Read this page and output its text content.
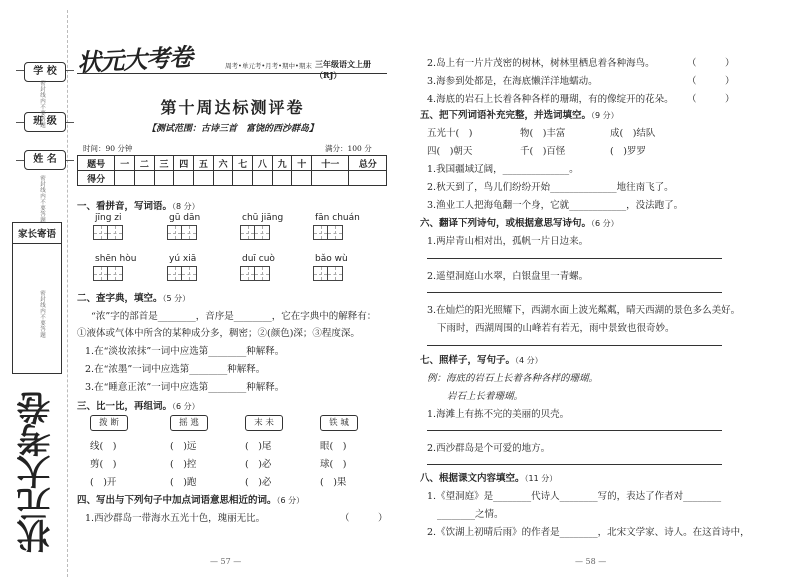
学 校
班 级
姓 名
密封线内不要答题
密封线内不要答题
密封线内不要答题
家长寄语
状元大考卷
状元大考卷	周考•单元考•月考•期中•期末 三年级语文上册（RJ）
第十周达标测评卷
【测试范围：古诗三首　富饶的西沙群岛】
时间：90 分钟	满分：100 分
题号	一	二	三	四	五	六	七	八	九	十	十一	总分
得分												
一、看拼音，写词语。（8 分）
jīng zi	gū dān	chū jiāng	fān chuán
shēn hòu	yú xiā	duī cuò	bǎo wù
二、查字典，填空。（5 分）
“浓”字的部首是________，音序是________，它在字典中的解释有：
①液体或气体中所含的某种成分多，稠密；②(颜色)深；③程度深。
1.在“淡妆浓抹”一词中应选第________种解释。
2.在“浓墨”一词中应选第________种解释。
3.在“睡意正浓”一词中应选第________种解释。
三、比一比，再组词。（6 分）
拨 断	摇 逃	末 未	铁 城
线(　)	(　)远	(　)尾	眼(　)
剪(　)	(　)控	(　)必	球(　)
(　)开	(　)跑	(　)必	(　)果
四、写出与下列句子中加点词语意思相近的词。（6 分）
1.西沙群岛一带海水五光十色，瑰丽无比。	（　　　）
— 57 —
2.岛上有一片片茂密的树林，树林里栖息着各种海鸟。	（　　　）
3.海参到处都是，在海底懒洋洋地蠕动。	（　　　）
4.海底的岩石上长着各种各样的珊瑚，有的像绽开的花朵。 （　　　）
五、把下列词语补充完整，并选词填空。（9 分）
五光十(　)	物(　)丰富	成(　)结队
四(　)朝天	千(　)百怪	(　)罗罗
1.我国疆域辽阔，______________。
2.秋天到了，鸟儿们纷纷开始______________地往南飞了。
3.渔业工人把海龟翻一个身，它就____________，没法跑了。
六、翻译下列诗句，或根据意思写诗句。（6 分）
1.两岸青山相对出，孤帆一片日边来。
2.遥望洞庭山水翠，白银盘里一青螺。
3.在灿烂的阳光照耀下，西湖水面上波光粼粼，晴天西湖的景色多么美好。
下雨时，西湖周围的山峰若有若无，雨中景致也很奇妙。
七、照样子，写句子。（4 分）
例：海底的岩石上长着各种各样的珊瑚。
岩石上长着珊瑚。
1.海滩上有拣不完的美丽的贝壳。
2.西沙群岛是个可爱的地方。
八、根据课文内容填空。（11 分）
1.《望洞庭》是________代诗人________写的，表达了作者对________
________之情。
2.《饮湖上初晴后雨》的作者是________，北宋文学家、诗人。在这首诗中，
— 58 —
